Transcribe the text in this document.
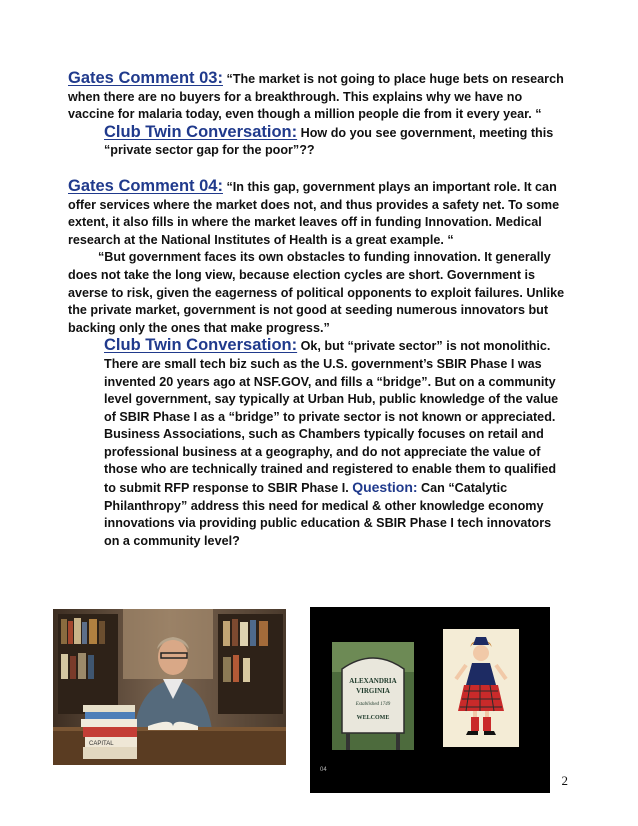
Gates Comment 03: “The market is not going to place huge bets on research when there are no buyers for a breakthrough. This explains why we have no vaccine for malaria today, even though a million people die from it every year. “

Club Twin Conversation: How do you see government, meeting this “private sector gap for the poor”??

Gates Comment 04: “In this gap, government plays an important role. It can offer services where the market does not, and thus provides a safety net. To some extent, it also fills in where the market leaves off in funding Innovation. Medical research at the National Institutes of Health is a great example. “

“But government faces its own obstacles to funding innovation. It generally does not take the long view, because election cycles are short. Government is averse to risk, given the eagerness of political opponents to exploit failures. Unlike the private market, government is not good at seeding numerous innovators but backing only the ones that make progress.”

Club Twin Conversation: Ok, but “private sector” is not monolithic. There are small tech biz such as the U.S. government’s SBIR Phase I was invented 20 years ago at NSF.GOV, and fills a “bridge”. But on a community level government, say typically at Urban Hub, public knowledge of the value of SBIR Phase I as a “bridge” to private sector is not known or appreciated. Business Associations, such as Chambers typically focuses on retail and professional business at a geography, and do not appreciate the value of those who are technically trained and registered to enable them to qualified to submit RFP response to SBIR Phase I. Question: Can “Catalytic Philanthropy” address this need for medical & other knowledge economy innovations via providing public education & SBIR Phase I tech innovators on a community level?

CAPITAL
ALEXANDRIA
VIRGINIA
Established 1749
WELCOME
04
2
